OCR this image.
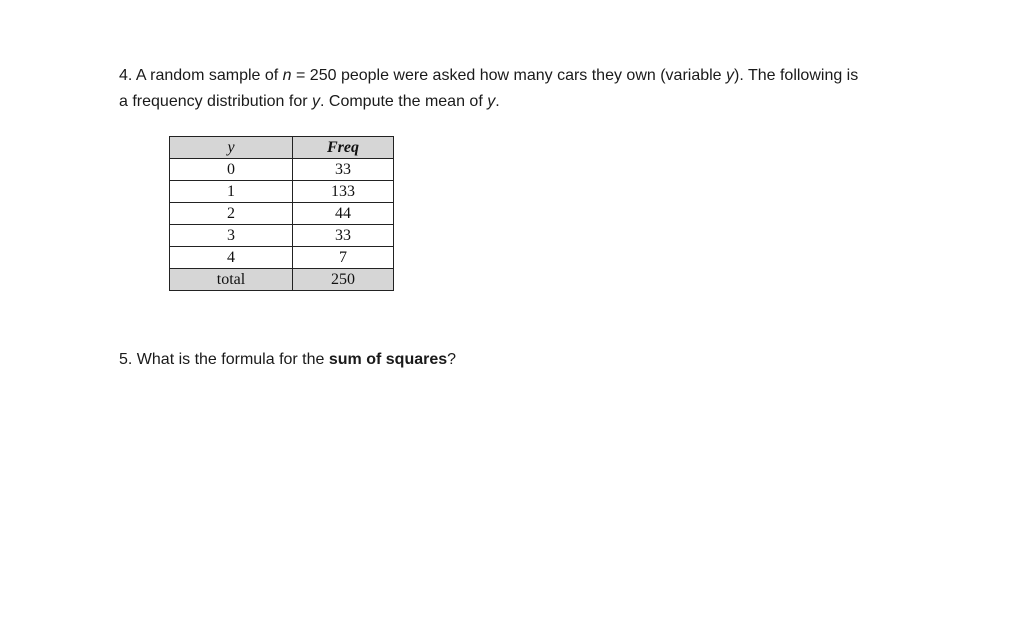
4. A random sample of n = 250 people were asked how many cars they own (variable y). The following is
a frequency distribution for y. Compute the mean of y.
y	Freq
0	33
1	133
2	44
3	33
4	7
total	250
5. What is the formula for the sum of squares?
